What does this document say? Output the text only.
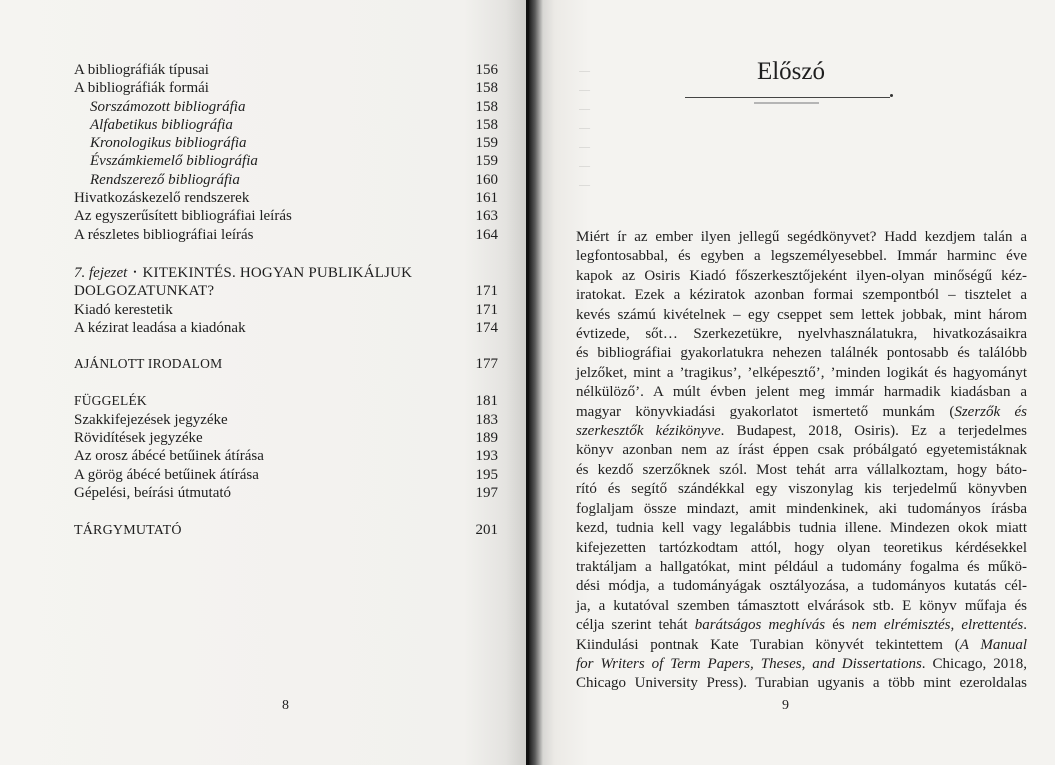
A bibliográfiák típusai	156
A bibliográfiák formái	158
Sorszámozott bibliográfia	158
Alfabetikus bibliográfia	158
Kronologikus bibliográfia	159
Évszámkiemelő bibliográfia	159
Rendszerező bibliográfia	160
Hivatkozáskezelő rendszerek	161
Az egyszerűsített bibliográfiai leírás	163
A részletes bibliográfiai leírás	164
7. fejezet • KITEKINTÉS. HOGYAN PUBLIKÁLJUK
DOLGOZATUNKAT?	171
Kiadó kerestetik	171
A kézirat leadása a kiadónak	174
AJÁNLOTT IRODALOM	177
FÜGGELÉK	181
Szakkifejezések jegyzéke	183
Rövidítések jegyzéke	189
Az orosz ábécé betűinek átírása	193
A görög ábécé betűinek átírása	195
Gépelési, beírási útmutató	197
TÁRGYMUTATÓ	201
8
—
—
—
—
—
—
—
Előszó
Miért ír az ember ilyen jellegű segédkönyvet? Hadd kezdjem talán a
legfontosabbal, és egyben a legszemélyesebbel. Immár harminc éve
kapok az Osiris Kiadó főszerkesztőjeként ilyen-olyan minőségű kéz-
iratokat. Ezek a kéziratok azonban formai szempontból – tisztelet a
kevés számú kivételnek – egy cseppet sem lettek jobbak, mint három
évtizede, sőt… Szerkezetükre, nyelvhasználatukra, hivatkozásaikra
és bibliográfiai gyakorlatukra nehezen találnék pontosabb és találóbb
jelzőket, mint a ’tragikus’, ’elképesztő’, ’minden logikát és hagyományt
nélkülöző’. A múlt évben jelent meg immár harmadik kiadásban a
magyar könyvkiadási gyakorlatot ismertető munkám (Szerzők és
szerkesztők kézikönyve. Budapest, 2018, Osiris). Ez a terjedelmes
könyv azonban nem az írást éppen csak próbálgató egyetemistáknak
és kezdő szerzőknek szól. Most tehát arra vállalkoztam, hogy báto-
rító és segítő szándékkal egy viszonylag kis terjedelmű könyvben
foglaljam össze mindazt, amit mindenkinek, aki tudományos írásba
kezd, tudnia kell vagy legalábbis tudnia illene. Mindezen okok miatt
kifejezetten tartózkodtam attól, hogy olyan teoretikus kérdésekkel
traktáljam a hallgatókat, mint például a tudomány fogalma és műkö-
dési módja, a tudományágak osztályozása, a tudományos kutatás cél-
ja, a kutatóval szemben támasztott elvárások stb. E könyv műfaja és
célja szerint tehát barátságos meghívás és nem elrémisztés, elrettentés.
Kiindulási pontnak Kate Turabian könyvét tekintettem (A Manual
for Writers of Term Papers, Theses, and Dissertations. Chicago, 2018,
Chicago University Press). Turabian ugyanis a több mint ezeroldalas
9
